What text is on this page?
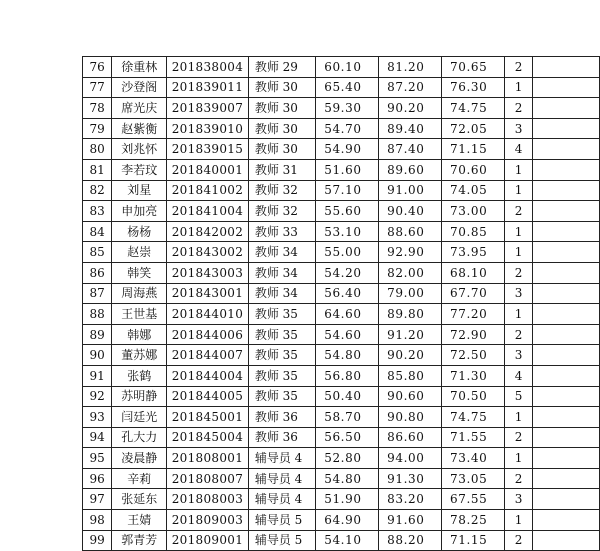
76	徐重林	201838004	教师 29	60.10	81.20	70.65	2	
77	沙登阁	201839011	教师 30	65.40	87.20	76.30	1	
78	席光庆	201839007	教师 30	59.30	90.20	74.75	2	
79	赵紫衡	201839010	教师 30	54.70	89.40	72.05	3	
80	刘兆怀	201839015	教师 30	54.90	87.40	71.15	4	
81	李若玟	201840001	教师 31	51.60	89.60	70.60	1	
82	刘星	201841002	教师 32	57.10	91.00	74.05	1	
83	申加亮	201841004	教师 32	55.60	90.40	73.00	2	
84	杨杨	201842002	教师 33	53.10	88.60	70.85	1	
85	赵崇	201843002	教师 34	55.00	92.90	73.95	1	
86	韩笑	201843003	教师 34	54.20	82.00	68.10	2	
87	周海燕	201843001	教师 34	56.40	79.00	67.70	3	
88	王世基	201844010	教师 35	64.60	89.80	77.20	1	
89	韩娜	201844006	教师 35	54.60	91.20	72.90	2	
90	董苏娜	201844007	教师 35	54.80	90.20	72.50	3	
91	张鹤	201844004	教师 35	56.80	85.80	71.30	4	
92	苏明静	201844005	教师 35	50.40	90.60	70.50	5	
93	闫廷光	201845001	教师 36	58.70	90.80	74.75	1	
94	孔大力	201845004	教师 36	56.50	86.60	71.55	2	
95	凌晨静	201808001	辅导员 4	52.80	94.00	73.40	1	
96	辛莉	201808007	辅导员 4	54.80	91.30	73.05	2	
97	张延东	201808003	辅导员 4	51.90	83.20	67.55	3	
98	王婧	201809003	辅导员 5	64.90	91.60	78.25	1	
99	郭青芳	201809001	辅导员 5	54.10	88.20	71.15	2	
